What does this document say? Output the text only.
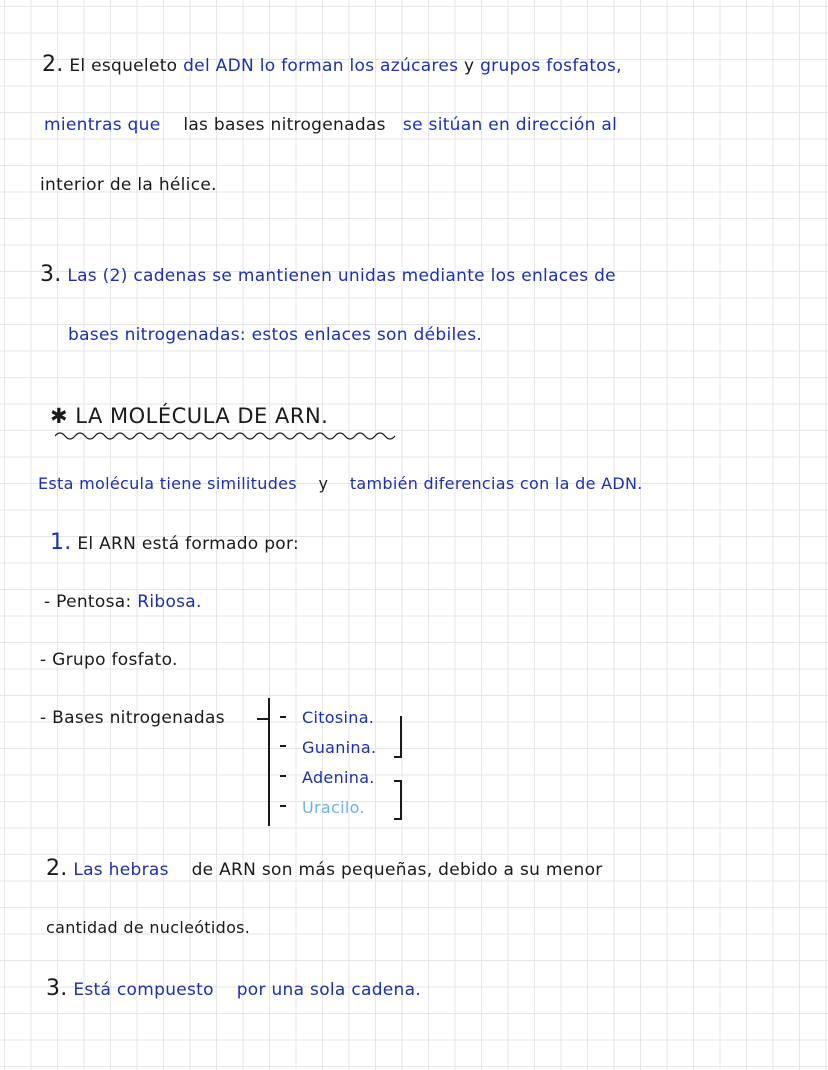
2. El esqueleto del ADN lo forman los azúcares y grupos fosfatos,
mientras que las bases nitrogenadas se sitúan en dirección al
interior de la hélice.
3. Las (2) cadenas se mantienen unidas mediante los enlaces de
bases nitrogenadas: estos enlaces son débiles.
✱ LA MOLÉCULA DE ARN.
Esta molécula tiene similitudes y también diferencias con la de ADN.
1. El ARN está formado por:
- Pentosa: Ribosa.
- Grupo fosfato.
- Bases nitrogenadas	Citosina.
Guanina.
Adenina.
Uracilo.
2. Las hebras de ARN son más pequeñas, debido a su menor
cantidad de nucleótidos.
3. Está compuesto por una sola cadena.
